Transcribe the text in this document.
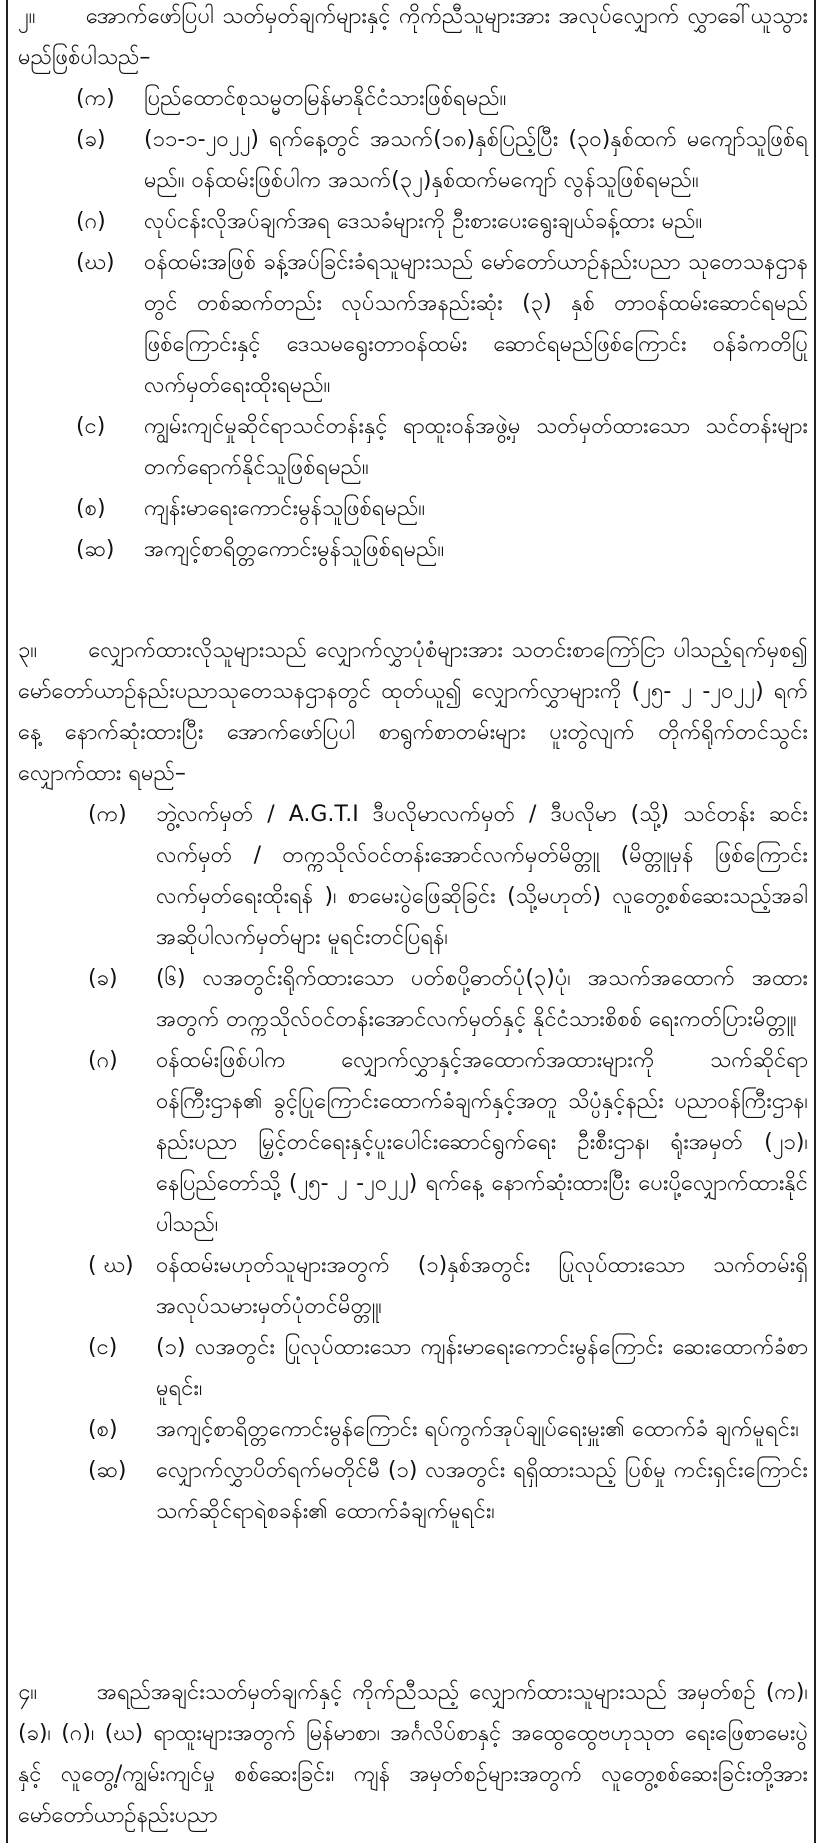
၂။ အောက်ဖော်ပြပါ သတ်မှတ်ချက်များနှင့် ကိုက်ညီသူများအား အလုပ်လျှောက် လွှာခေါ်ယူသွား မည်ဖြစ်ပါသည်–

(က)	ပြည်ထောင်စုသမ္မတမြန်မာနိုင်ငံသားဖြစ်ရမည်။
(ခ)	(၁၁-၁-၂၀၂၂) ရက်နေ့တွင် အသက်(၁၈)နှစ်ပြည့်ပြီး (၃၀)နှစ်ထက် မကျော်သူဖြစ်ရမည်။ ဝန်ထမ်းဖြစ်ပါက အသက်(၃၂)နှစ်ထက်မကျော် လွန်သူဖြစ်ရမည်။
(ဂ)	လုပ်ငန်းလိုအပ်ချက်အရ ဒေသခံများကို ဦးစားပေးရွေးချယ်ခန့်ထား မည်။
(ဃ)	ဝန်ထမ်းအဖြစ် ခန့်အပ်ခြင်းခံရသူများသည် မော်တော်ယာဉ်နည်းပညာ သုတေသနဌာနတွင် တစ်ဆက်တည်း လုပ်သက်အနည်းဆုံး (၃) နှစ် တာဝန်ထမ်းဆောင်ရမည်ဖြစ်ကြောင်းနှင့် ဒေသမရွေးတာဝန်ထမ်း ဆောင်ရမည်ဖြစ်ကြောင်း ဝန်ခံကတိပြုလက်မှတ်ရေးထိုးရမည်။
(င)	ကျွမ်းကျင်မှုဆိုင်ရာသင်တန်းနှင့် ရာထူးဝန်အဖွဲ့မှ သတ်မှတ်ထားသော သင်တန်းများ တက်ရောက်နိုင်သူဖြစ်ရမည်။
(စ)	ကျန်းမာရေးကောင်းမွန်သူဖြစ်ရမည်။
(ဆ)	အကျင့်စာရိတ္တကောင်းမွန်သူဖြစ်ရမည်။

၃။ လျှောက်ထားလိုသူများသည် လျှောက်လွှာပုံစံများအား သတင်းစာကြော်ငြာ ပါသည့်ရက်မှစ၍ မော်တော်ယာဉ်နည်းပညာသုတေသနဌာနတွင် ထုတ်ယူ၍ လျှောက်လွှာများကို (၂၅- ၂ -၂၀၂၂) ရက်နေ့ နောက်ဆုံးထားပြီး အောက်ဖော်ပြပါ စာရွက်စာတမ်းများ ပူးတွဲလျက် တိုက်ရိုက်တင်သွင်း လျှောက်ထား ရမည်–

(က)	ဘွဲ့လက်မှတ် / A.G.T.I ဒီပလိုမာလက်မှတ် / ဒီပလိုမာ (သို့) သင်တန်း ဆင်းလက်မှတ် / တက္ကသိုလ်ဝင်တန်းအောင်လက်မှတ်မိတ္တူ (မိတ္တူမှန် ဖြစ်ကြောင်းလက်မှတ်ရေးထိုးရန် )၊ စာမေးပွဲဖြေဆိုခြင်း (သို့မဟုတ်) လူတွေ့စစ်ဆေးသည့်အခါ အဆိုပါလက်မှတ်များ မူရင်းတင်ပြရန်၊
(ခ)	(၆) လအတွင်းရိုက်ထားသော ပတ်စပို့ဓာတ်ပုံ(၃)ပုံ၊ အသက်အထောက် အထားအတွက် တက္ကသိုလ်ဝင်တန်းအောင်လက်မှတ်နှင့် နိုင်ငံသားစိစစ် ရေးကတ်ပြားမိတ္တူ၊
(ဂ)	ဝန်ထမ်းဖြစ်ပါက လျှောက်လွှာနှင့်အထောက်အထားများကို သက်ဆိုင်ရာ ဝန်ကြီးဌာန၏ ခွင့်ပြုကြောင်းထောက်ခံချက်နှင့်အတူ သိပ္ပံနှင့်နည်း ပညာဝန်ကြီးဌာန၊ နည်းပညာ မြှင့်တင်ရေးနှင့်ပူးပေါင်းဆောင်ရွက်ရေး ဦးစီးဌာန၊ ရုံးအမှတ် (၂၁)၊ နေပြည်တော်သို့ (၂၅- ၂ -၂၀၂၂) ရက်နေ့ နောက်ဆုံးထားပြီး ပေးပို့လျှောက်ထားနိုင်ပါသည်၊
( ဃ)	ဝန်ထမ်းမဟုတ်သူများအတွက် (၁)နှစ်အတွင်း ပြုလုပ်ထားသော သက်တမ်းရှိ အလုပ်သမားမှတ်ပုံတင်မိတ္တူ၊
(င)	(၁) လအတွင်း ပြုလုပ်ထားသော ကျန်းမာရေးကောင်းမွန်ကြောင်း ဆေးထောက်ခံစာမူရင်း၊
(စ)	အကျင့်စာရိတ္တကောင်းမွန်ကြောင်း ရပ်ကွက်အုပ်ချုပ်ရေးမှူး၏ ထောက်ခံ ချက်မူရင်း၊
(ဆ)	လျှောက်လွှာပိတ်ရက်မတိုင်မီ (၁) လအတွင်း ရရှိထားသည့် ပြစ်မှု ကင်းရှင်းကြောင်း သက်ဆိုင်ရာရဲစခန်း၏ ထောက်ခံချက်မူရင်း၊

၄။	အရည်အချင်းသတ်မှတ်ချက်နှင့် ကိုက်ညီသည့် လျှောက်ထားသူများသည် အမှတ်စဉ် (က)၊ (ခ)၊ (ဂ)၊ (ဃ) ရာထူးများအတွက် မြန်မာစာ၊ အင်္ဂလိပ်စာနှင့် အထွေထွေဗဟုသုတ ရေးဖြေစာမေးပွဲနှင့် လူတွေ့/ကျွမ်းကျင်မှု စစ်ဆေးခြင်း၊ ကျန် အမှတ်စဉ်များအတွက် လူတွေ့စစ်ဆေးခြင်းတို့အား မော်တော်ယာဉ်နည်းပညာ
